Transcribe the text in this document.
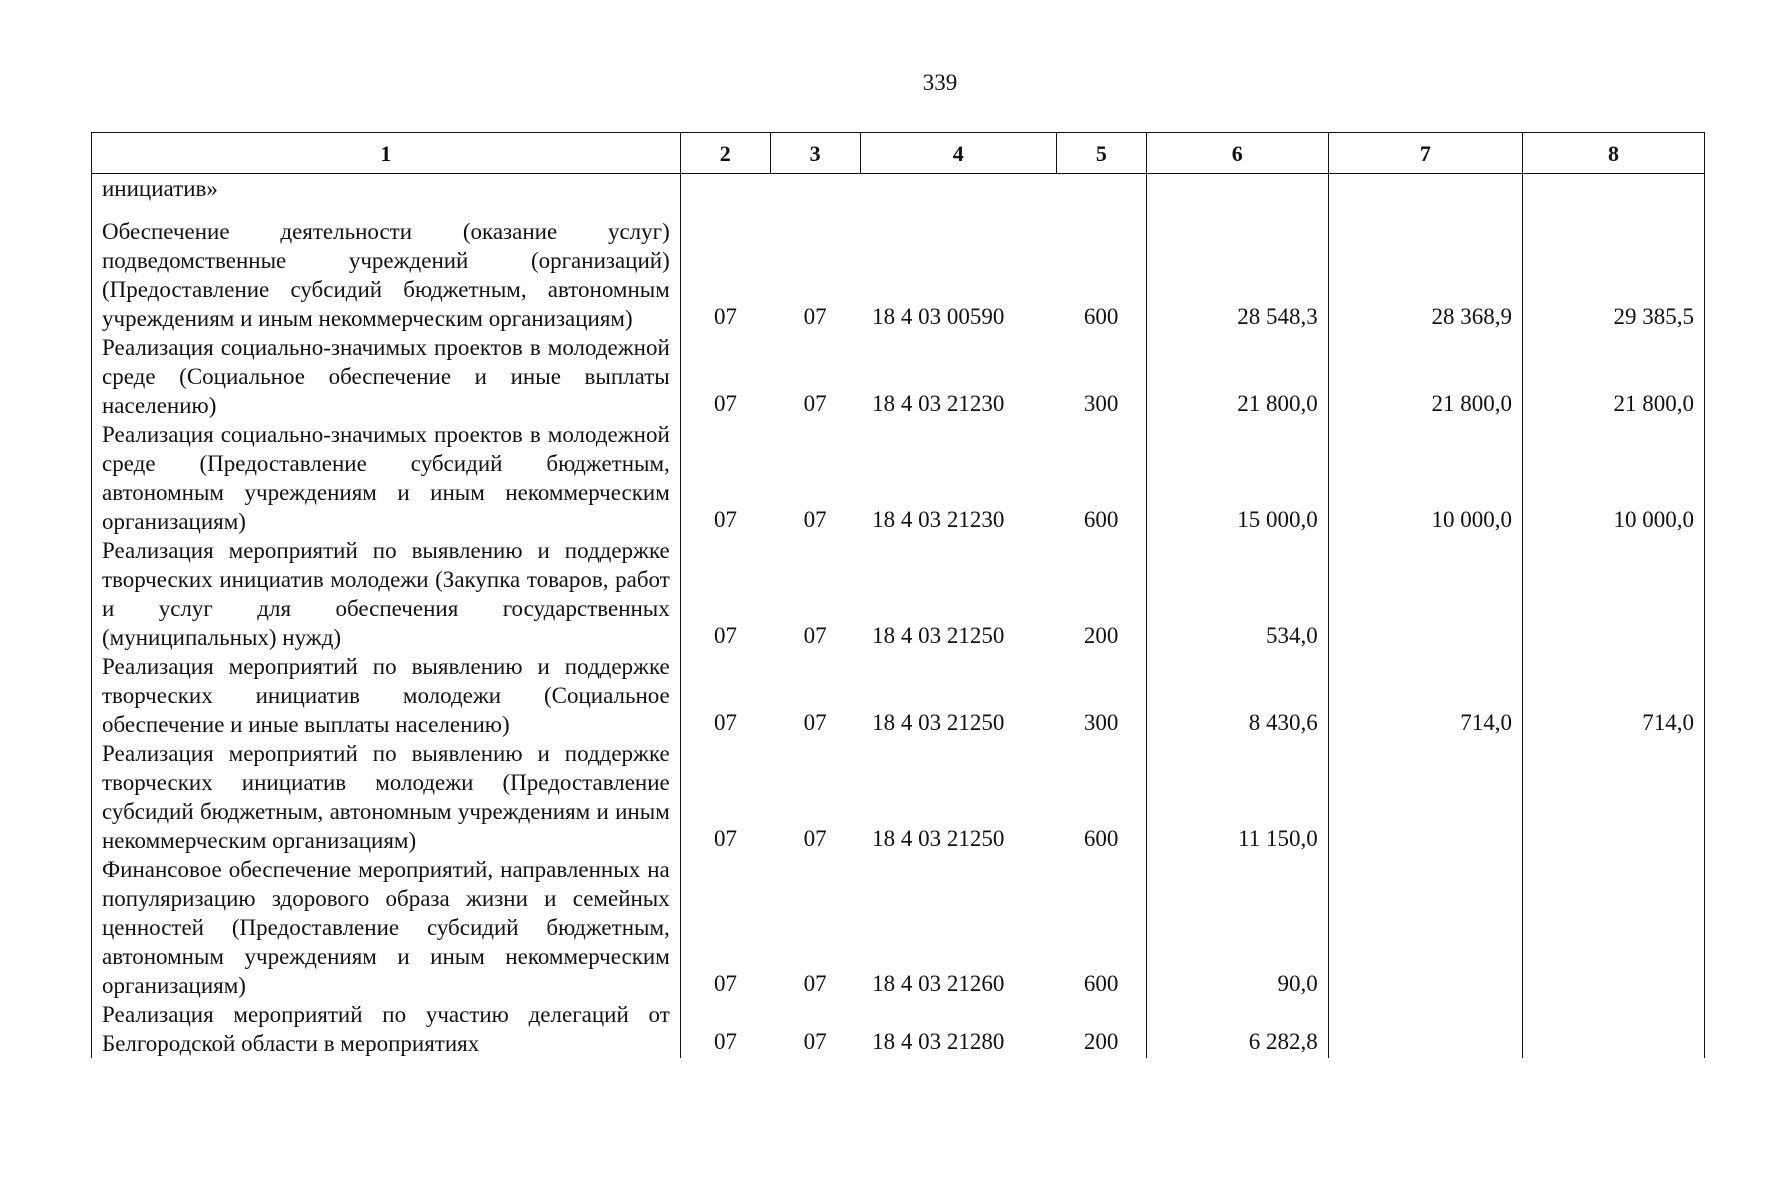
339
1	2	3	4	5	6	7	8
инициатив»							
Обеспечение деятельности (оказание услуг) подведомственные учреждений (организаций) (Предоставление субсидий бюджетным, автономным учреждениям и иным некоммерческим организациям)	07	07	18 4 03 00590	600	28 548,3	28 368,9	29 385,5
Реализация социально-значимых проектов в молодежной среде (Социальное обеспечение и иные выплаты населению)	07	07	18 4 03 21230	300	21 800,0	21 800,0	21 800,0
Реализация социально-значимых проектов в молодежной среде (Предоставление субсидий бюджетным, автономным учреждениям и иным некоммерческим организациям)	07	07	18 4 03 21230	600	15 000,0	10 000,0	10 000,0
Реализация мероприятий по выявлению и поддержке творческих инициатив молодежи (Закупка товаров, работ и услуг для обеспечения государственных (муниципальных) нужд)	07	07	18 4 03 21250	200	534,0		
Реализация мероприятий по выявлению и поддержке творческих инициатив молодежи (Социальное обеспечение и иные выплаты населению)	07	07	18 4 03 21250	300	8 430,6	714,0	714,0
Реализация мероприятий по выявлению и поддержке творческих инициатив молодежи (Предоставление субсидий бюджетным, автономным учреждениям и иным некоммерческим организациям)	07	07	18 4 03 21250	600	11 150,0		
Финансовое обеспечение мероприятий, направленных на популяризацию здорового образа жизни и семейных ценностей (Предоставление субсидий бюджетным, автономным учреждениям и иным некоммерческим организациям)	07	07	18 4 03 21260	600	90,0		
Реализация мероприятий по участию делегаций от Белгородской области в мероприятиях	07	07	18 4 03 21280	200	6 282,8		
